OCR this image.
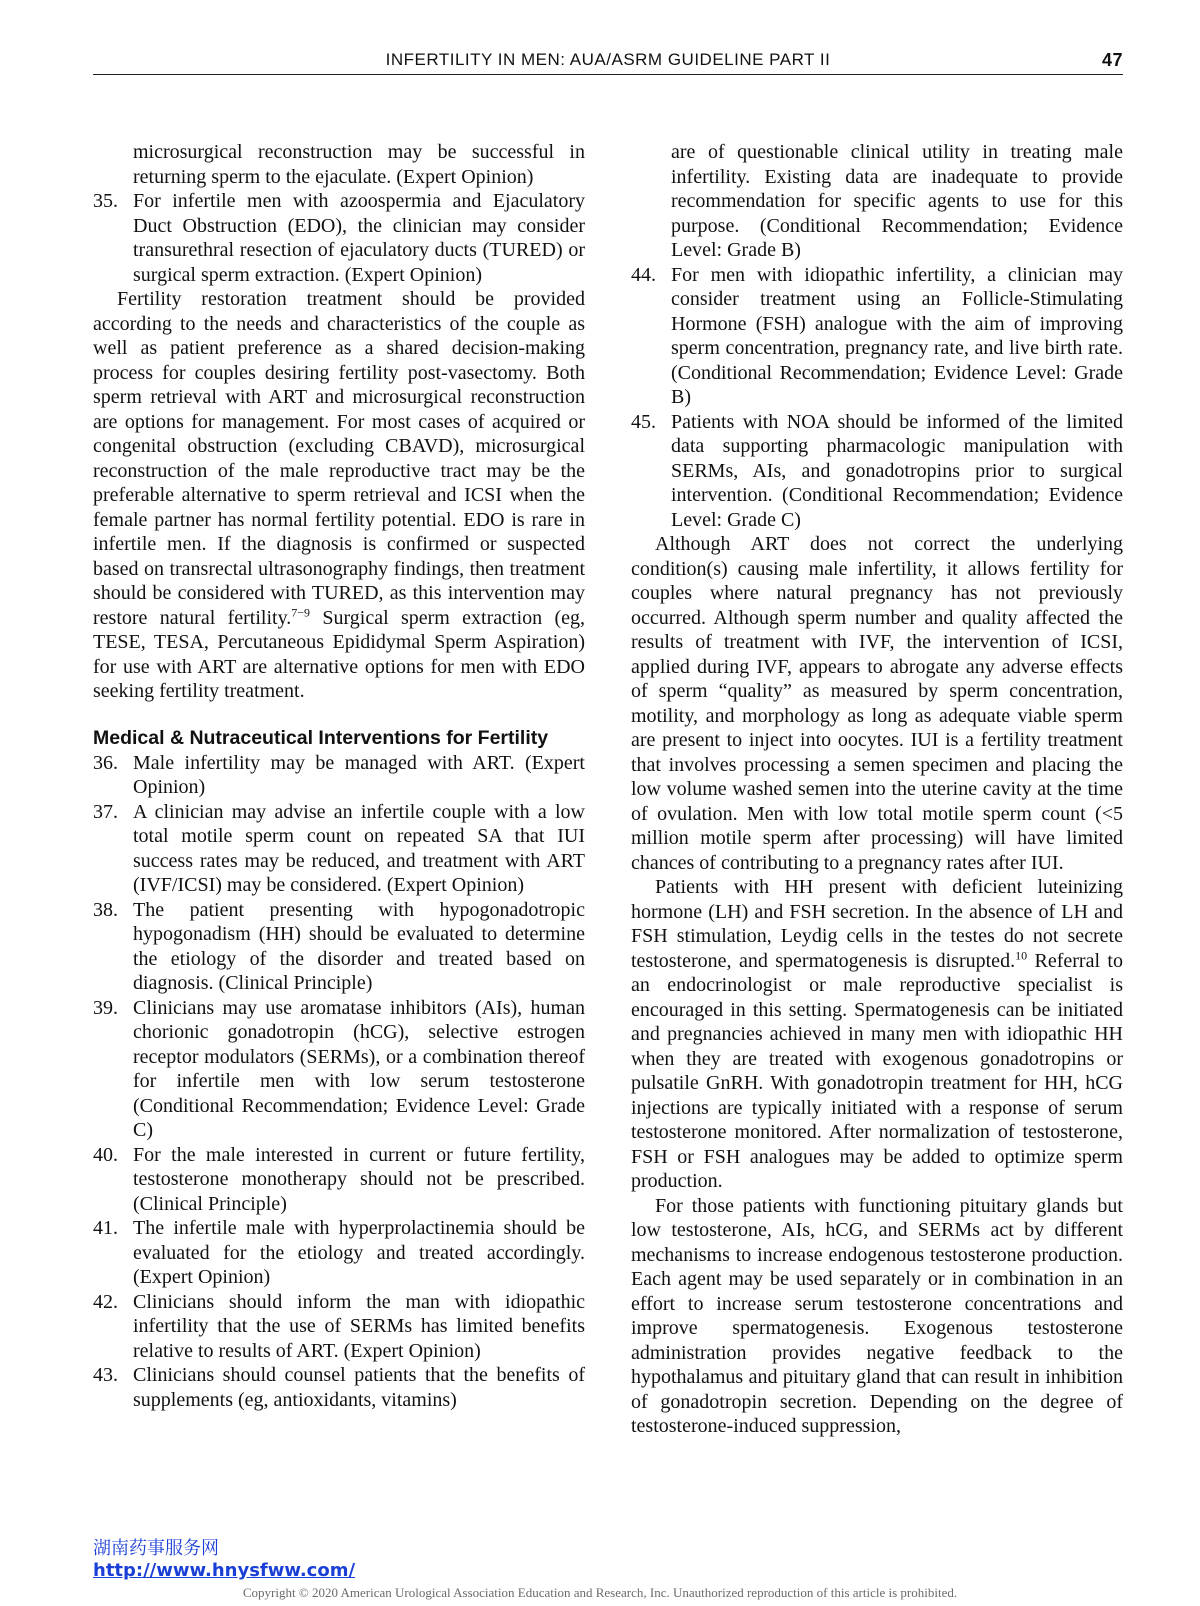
INFERTILITY IN MEN: AUA/ASRM GUIDELINE PART II	47

microsurgical reconstruction may be successful in returning sperm to the ejaculate. (Expert Opinion)

35. For infertile men with azoospermia and Ejaculatory Duct Obstruction (EDO), the clinician may consider transurethral resection of ejaculatory ducts (TURED) or surgical sperm extraction. (Expert Opinion)

Fertility restoration treatment should be provided according to the needs and characteristics of the couple as well as patient preference as a shared decision-making process for couples desiring fertility post-vasectomy. Both sperm retrieval with ART and microsurgical reconstruction are options for management. For most cases of acquired or congenital obstruction (excluding CBAVD), microsurgical reconstruction of the male reproductive tract may be the preferable alternative to sperm retrieval and ICSI when the female partner has normal fertility potential. EDO is rare in infertile men. If the diagnosis is confirmed or suspected based on transrectal ultrasonography findings, then treatment should be considered with TURED, as this intervention may restore natural fertility.$^{7-9}$ Surgical sperm extraction (eg, TESE, TESA, Percutaneous Epididymal Sperm Aspiration) for use with ART are alternative options for men with EDO seeking fertility treatment.

Medical & Nutraceutical Interventions for Fertility
36. Male infertility may be managed with ART. (Expert Opinion)
37. A clinician may advise an infertile couple with a low total motile sperm count on repeated SA that IUI success rates may be reduced, and treatment with ART (IVF/ICSI) may be considered. (Expert Opinion)
38. The patient presenting with hypogonadotropic hypogonadism (HH) should be evaluated to determine the etiology of the disorder and treated based on diagnosis. (Clinical Principle)
39. Clinicians may use aromatase inhibitors (AIs), human chorionic gonadotropin (hCG), selective estrogen receptor modulators (SERMs), or a combination thereof for infertile men with low serum testosterone (Conditional Recommendation; Evidence Level: Grade C)
40. For the male interested in current or future fertility, testosterone monotherapy should not be prescribed. (Clinical Principle)
41. The infertile male with hyperprolactinemia should be evaluated for the etiology and treated accordingly. (Expert Opinion)
42. Clinicians should inform the man with idiopathic infertility that the use of SERMs has limited benefits relative to results of ART. (Expert Opinion)
43. Clinicians should counsel patients that the benefits of supplements (eg, antioxidants, vitamins)

are of questionable clinical utility in treating male infertility. Existing data are inadequate to provide recommendation for specific agents to use for this purpose. (Conditional Recommendation; Evidence Level: Grade B)

44. For men with idiopathic infertility, a clinician may consider treatment using an Follicle-Stimulating Hormone (FSH) analogue with the aim of improving sperm concentration, pregnancy rate, and live birth rate. (Conditional Recommendation; Evidence Level: Grade B)
45. Patients with NOA should be informed of the limited data supporting pharmacologic manipulation with SERMs, AIs, and gonadotropins prior to surgical intervention. (Conditional Recommendation; Evidence Level: Grade C)

Although ART does not correct the underlying condition(s) causing male infertility, it allows fertility for couples where natural pregnancy has not previously occurred. Although sperm number and quality affected the results of treatment with IVF, the intervention of ICSI, applied during IVF, appears to abrogate any adverse effects of sperm “quality” as measured by sperm concentration, motility, and morphology as long as adequate viable sperm are present to inject into oocytes. IUI is a fertility treatment that involves processing a semen specimen and placing the low volume washed semen into the uterine cavity at the time of ovulation. Men with low total motile sperm count (<5 million motile sperm after processing) will have limited chances of contributing to a pregnancy rates after IUI.

Patients with HH present with deficient luteinizing hormone (LH) and FSH secretion. In the absence of LH and FSH stimulation, Leydig cells in the testes do not secrete testosterone, and spermatogenesis is disrupted.$^{10}$ Referral to an endocrinologist or male reproductive specialist is encouraged in this setting. Spermatogenesis can be initiated and pregnancies achieved in many men with idiopathic HH when they are treated with exogenous gonadotropins or pulsatile GnRH. With gonadotropin treatment for HH, hCG injections are typically initiated with a response of serum testosterone monitored. After normalization of testosterone, FSH or FSH analogues may be added to optimize sperm production.

For those patients with functioning pituitary glands but low testosterone, AIs, hCG, and SERMs act by different mechanisms to increase endogenous testosterone production. Each agent may be used separately or in combination in an effort to increase serum testosterone concentrations and improve spermatogenesis. Exogenous testosterone administration provides negative feedback to the hypothalamus and pituitary gland that can result in inhibition of gonadotropin secretion. Depending on the degree of testosterone-induced suppression,

湖南药事服务网
http://www.hnysfww.com/
Copyright © 2020 American Urological Association Education and Research, Inc. Unauthorized reproduction of this article is prohibited.
